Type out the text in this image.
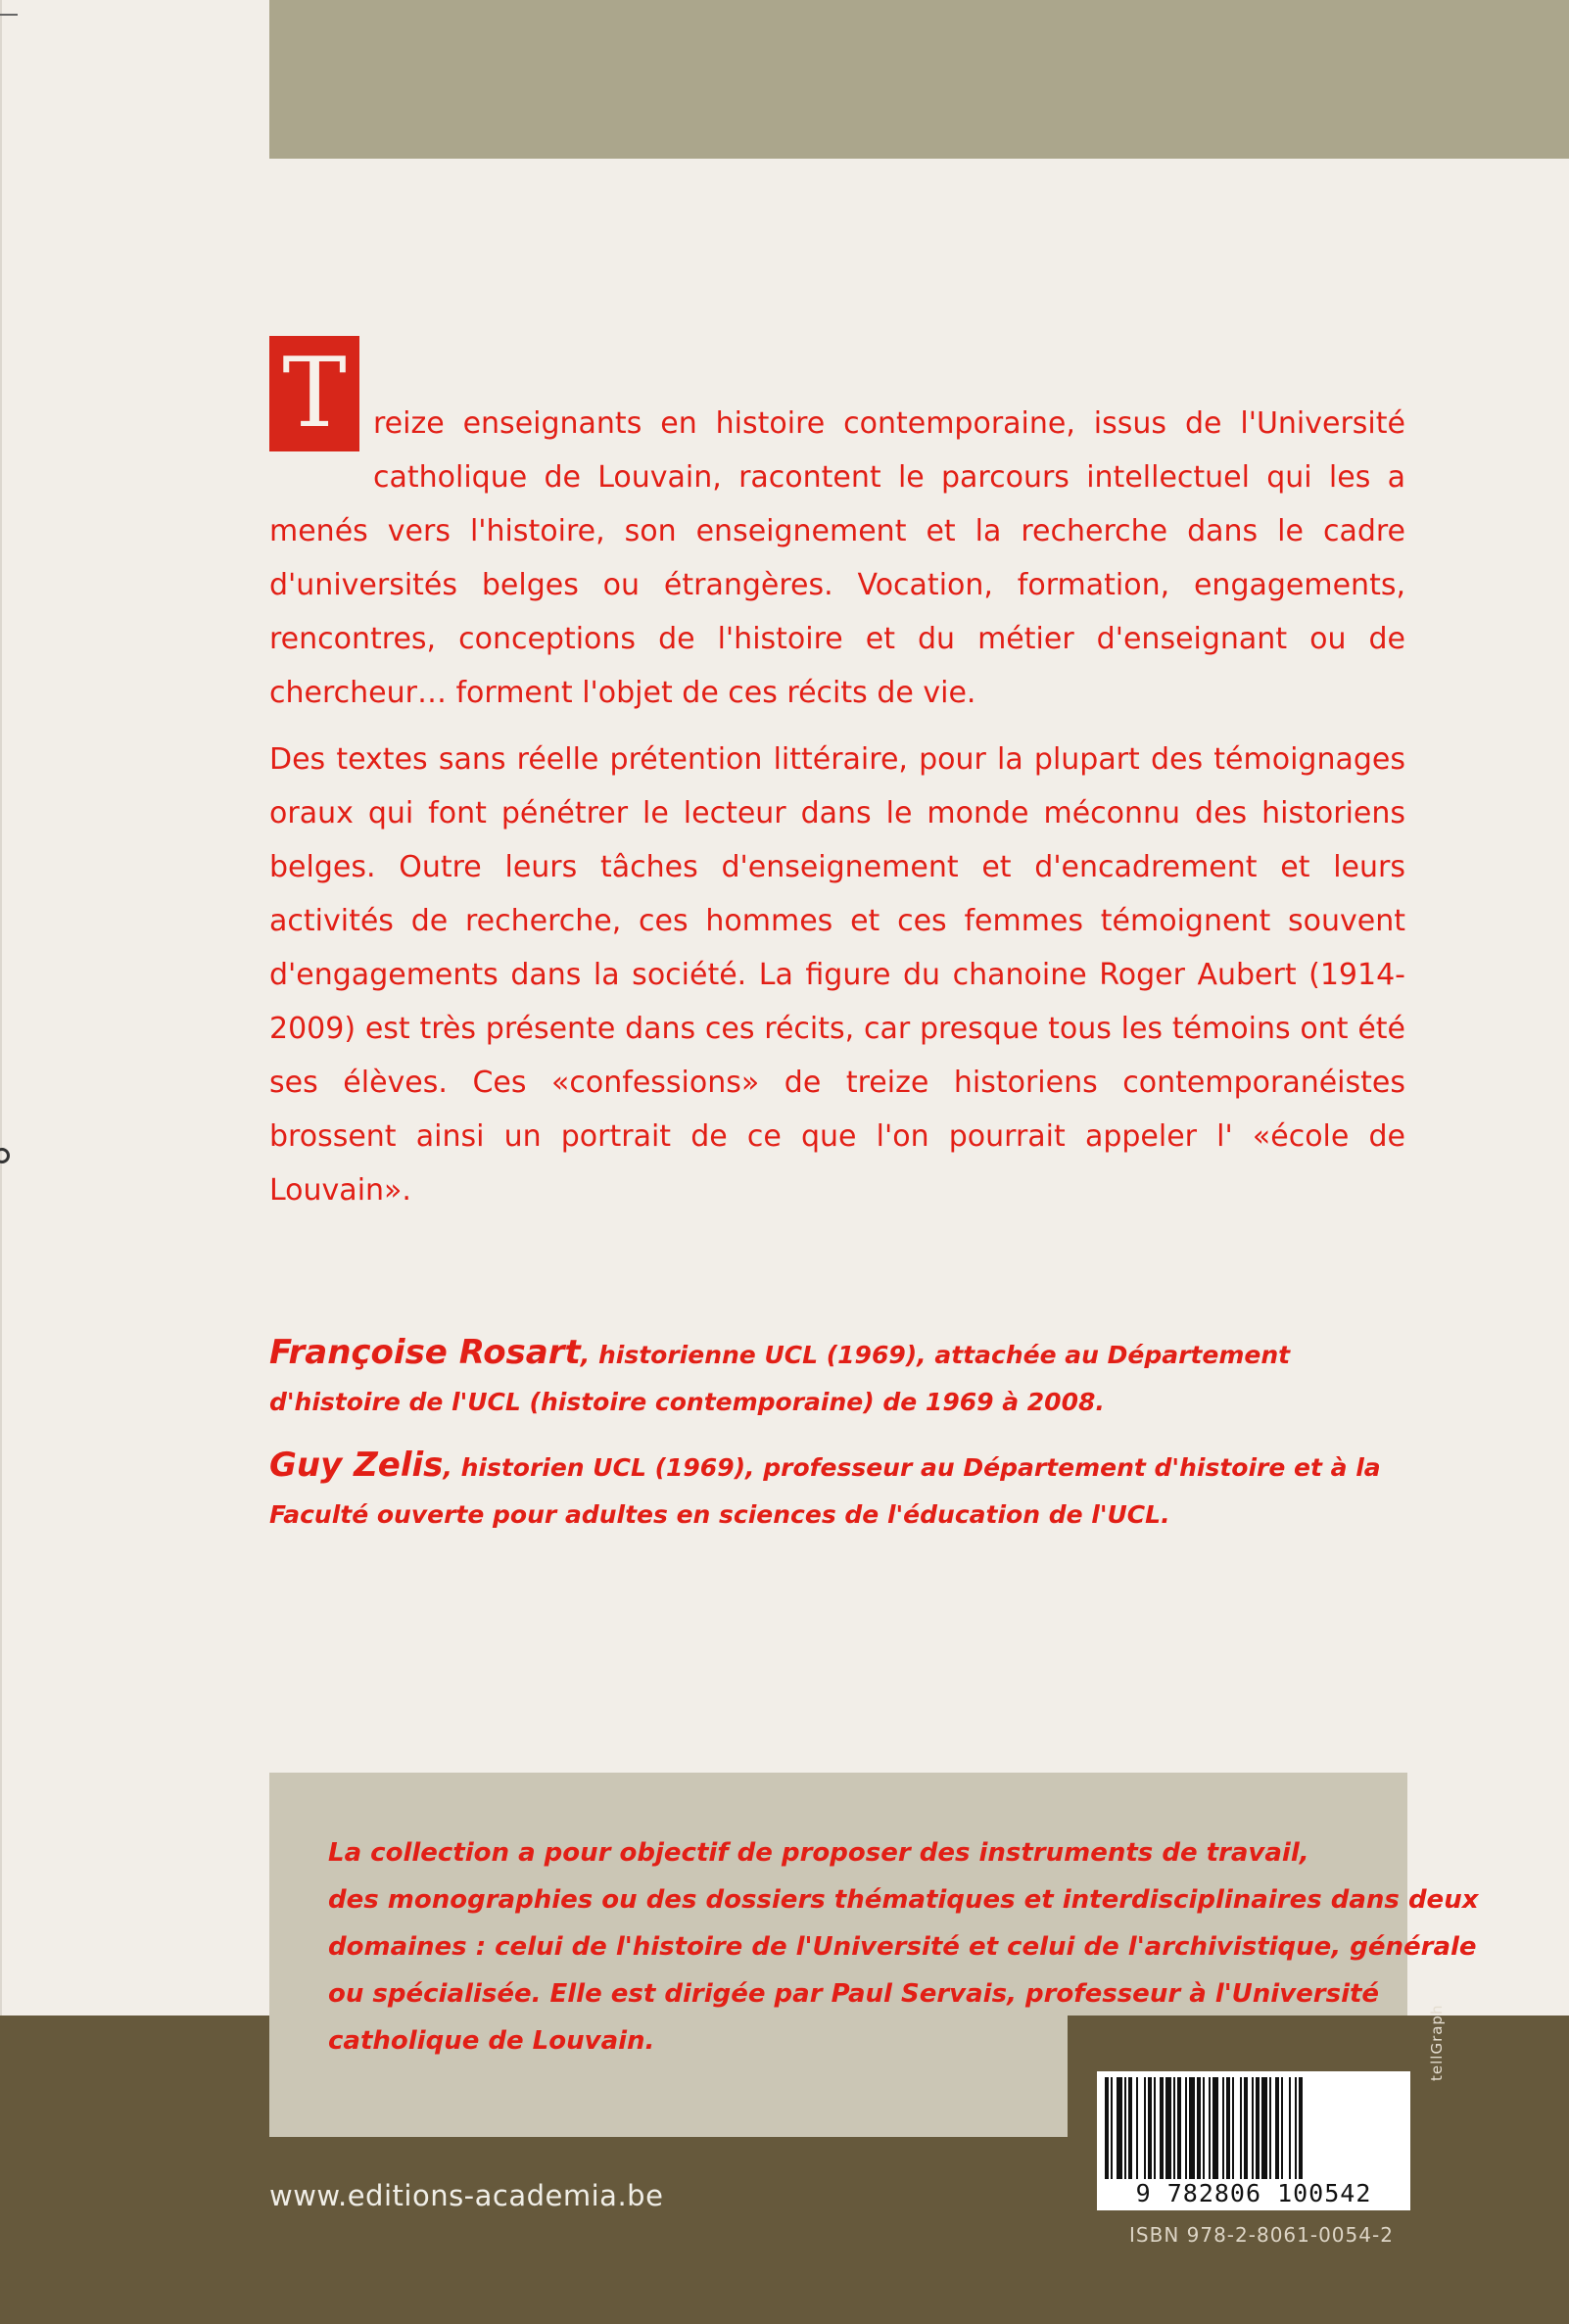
T reize enseignants en histoire contemporaine, issus de l'Université catholique de Louvain, racontent le parcours intellectuel qui les a menés vers l'histoire, son enseignement et la recherche dans le cadre d'universités belges ou étrangères. Vocation, formation, engagements, rencontres, conceptions de l'histoire et du métier d'enseignant ou de chercheur… forment l'objet de ces récits de vie.

Des textes sans réelle prétention littéraire, pour la plupart des témoignages oraux qui font pénétrer le lecteur dans le monde méconnu des historiens belges. Outre leurs tâches d'enseignement et d'encadrement et leurs activités de recherche, ces hommes et ces femmes témoignent souvent d'engagements dans la société. La figure du chanoine Roger Aubert (1914-2009) est très présente dans ces récits, car presque tous les témoins ont été ses élèves. Ces «confessions» de treize historiens contemporanéistes brossent ainsi un portrait de ce que l'on pourrait appeler l' «école de Louvain».

Françoise Rosart, historienne UCL (1969), attachée au Département d'histoire de l'UCL (histoire contemporaine) de 1969 à 2008.

Guy Zelis, historien UCL (1969), professeur au Département d'histoire et à la Faculté ouverte pour adultes en sciences de l'éducation de l'UCL.

La collection a pour objectif de proposer des instruments de travail,
des monographies ou des dossiers thématiques et interdisciplinaires dans deux
domaines : celui de l'histoire de l'Université et celui de l'archivistique, générale
ou spécialisée. Elle est dirigée par Paul Servais, professeur à l'Université
catholique de Louvain.
www.editions-academia.be	9 782806 100542
ISBN 978-2-8061-0054-2
tellGraph
